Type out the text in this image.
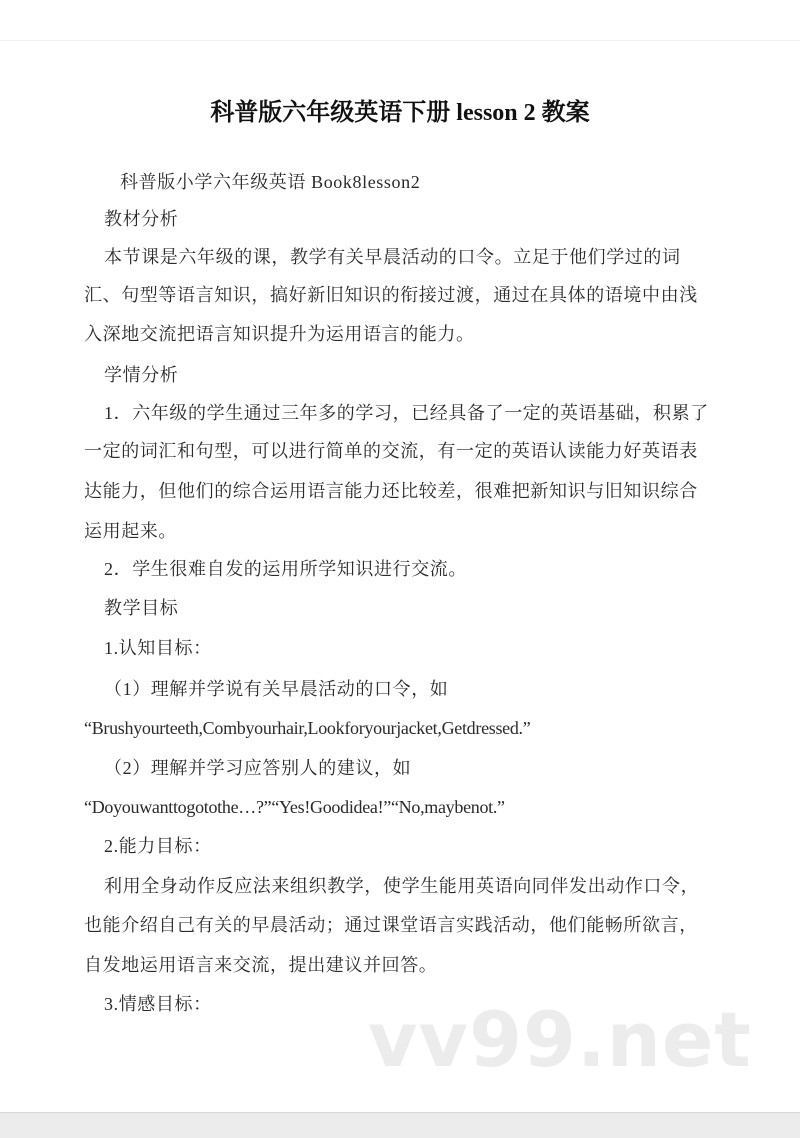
科普版六年级英语下册 lesson 2 教案
科普版小学六年级英语 Book8lesson2
教材分析
本节课是六年级的课，教学有关早晨活动的口令。立足于他们学过的词
汇、句型等语言知识，搞好新旧知识的衔接过渡，通过在具体的语境中由浅
入深地交流把语言知识提升为运用语言的能力。
学情分析
1．六年级的学生通过三年多的学习，已经具备了一定的英语基础，积累了
一定的词汇和句型，可以进行简单的交流，有一定的英语认读能力好英语表
达能力，但他们的综合运用语言能力还比较差，很难把新知识与旧知识综合
运用起来。
2．学生很难自发的运用所学知识进行交流。
教学目标
1.认知目标：
（1）理解并学说有关早晨活动的口令，如
“Brushyourteeth,Combyourhair,Lookforyourjacket,Getdressed.”
（2）理解并学习应答别人的建议，如
“Doyouwanttogotothe…?”“Yes!Goodidea!”“No,maybenot.”
2.能力目标：
利用全身动作反应法来组织教学，使学生能用英语向同伴发出动作口令，
也能介绍自己有关的早晨活动；通过课堂语言实践活动，他们能畅所欲言，
自发地运用语言来交流，提出建议并回答。
3.情感目标： vv99.net
